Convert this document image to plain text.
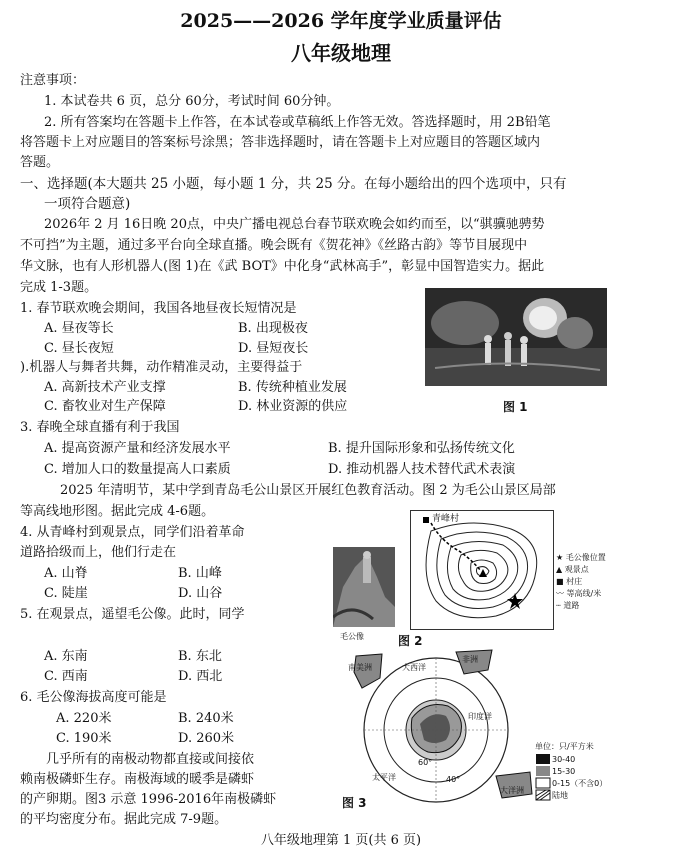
2025——2026 学年度学业质量评估
八年级地理
注意事项：
1. 本试卷共 6 页，总分 60分，考试时间 60分钟。
2. 所有答案均在答题卡上作答，在本试卷或草稿纸上作答无效。答选择题时，用 2B铅笔
将答题卡上对应题目的答案标号涂黑；答非选择题时，请在答题卡上对应题目的答题区域内
答题。
一、选择题(本大题共 25 小题，每小题 1 分，共 25 分。在每小题给出的四个选项中，只有
一项符合题意)
2026年 2 月 16日晚 20点，中央广播电视总台春节联欢晚会如约而至，以“骐骥驰骋势
不可挡”为主题，通过多平台向全球直播。晚会既有《贺花神》《丝路古韵》等节目展现中
华文脉，也有人形机器人(图 1)在《武 BOT》中化身“武林高手”，彰显中国智造实力。据此
完成 1-3题。
图 1
1. 春节联欢晚会期间，我国各地昼夜长短情况是
A. 昼夜等长	B. 出现极夜
C. 昼长夜短	D. 昼短夜长
).机器人与舞者共舞，动作精准灵动，主要得益于
A. 高新技术产业支撑	B. 传统种植业发展
C. 畜牧业对生产保障	D. 林业资源的供应
3. 春晚全球直播有利于我国
A. 提高资源产量和经济发展水平	B. 提升国际形象和弘扬传统文化
C. 增加人口的数量提高人口素质	D. 推动机器人技术替代武术表演
2025 年清明节，某中学到青岛毛公山景区开展红色教育活动。图 2 为毛公山景区局部
等高线地形图。据此完成 4-6题。
4. 从青峰村到观景点，同学们沿着革命
道路拾级而上，他们行走在
A. 山脊	B. 山峰
C. 陡崖	D. 山谷
5. 在观景点，遥望毛公像。此时，同学
A. 东南	B. 东北
C. 西南	D. 西北
6. 毛公像海拔高度可能是
A. 220米	B. 240米
C. 190米	D. 260米
几乎所有的南极动物都直接或间接依
赖南极磷虾生存。南极海域的暖季是磷虾
的产卵期。图3 示意 1996-2016年南极磷虾
的平均密度分布。据此完成 7-9题。
毛公像
青峰村
★ 毛公像位置
▲ 观景点
■ 村庄
〰 等高线/米
┄ 道路
图 2
南美洲	大西洋
非洲
印度洋
太平洋
大洋洲
60°
40°
单位：只/平方米
30-40
15-30
0-15（不含0）
陆地
图 3
八年级地理第 1 页(共 6 页)
